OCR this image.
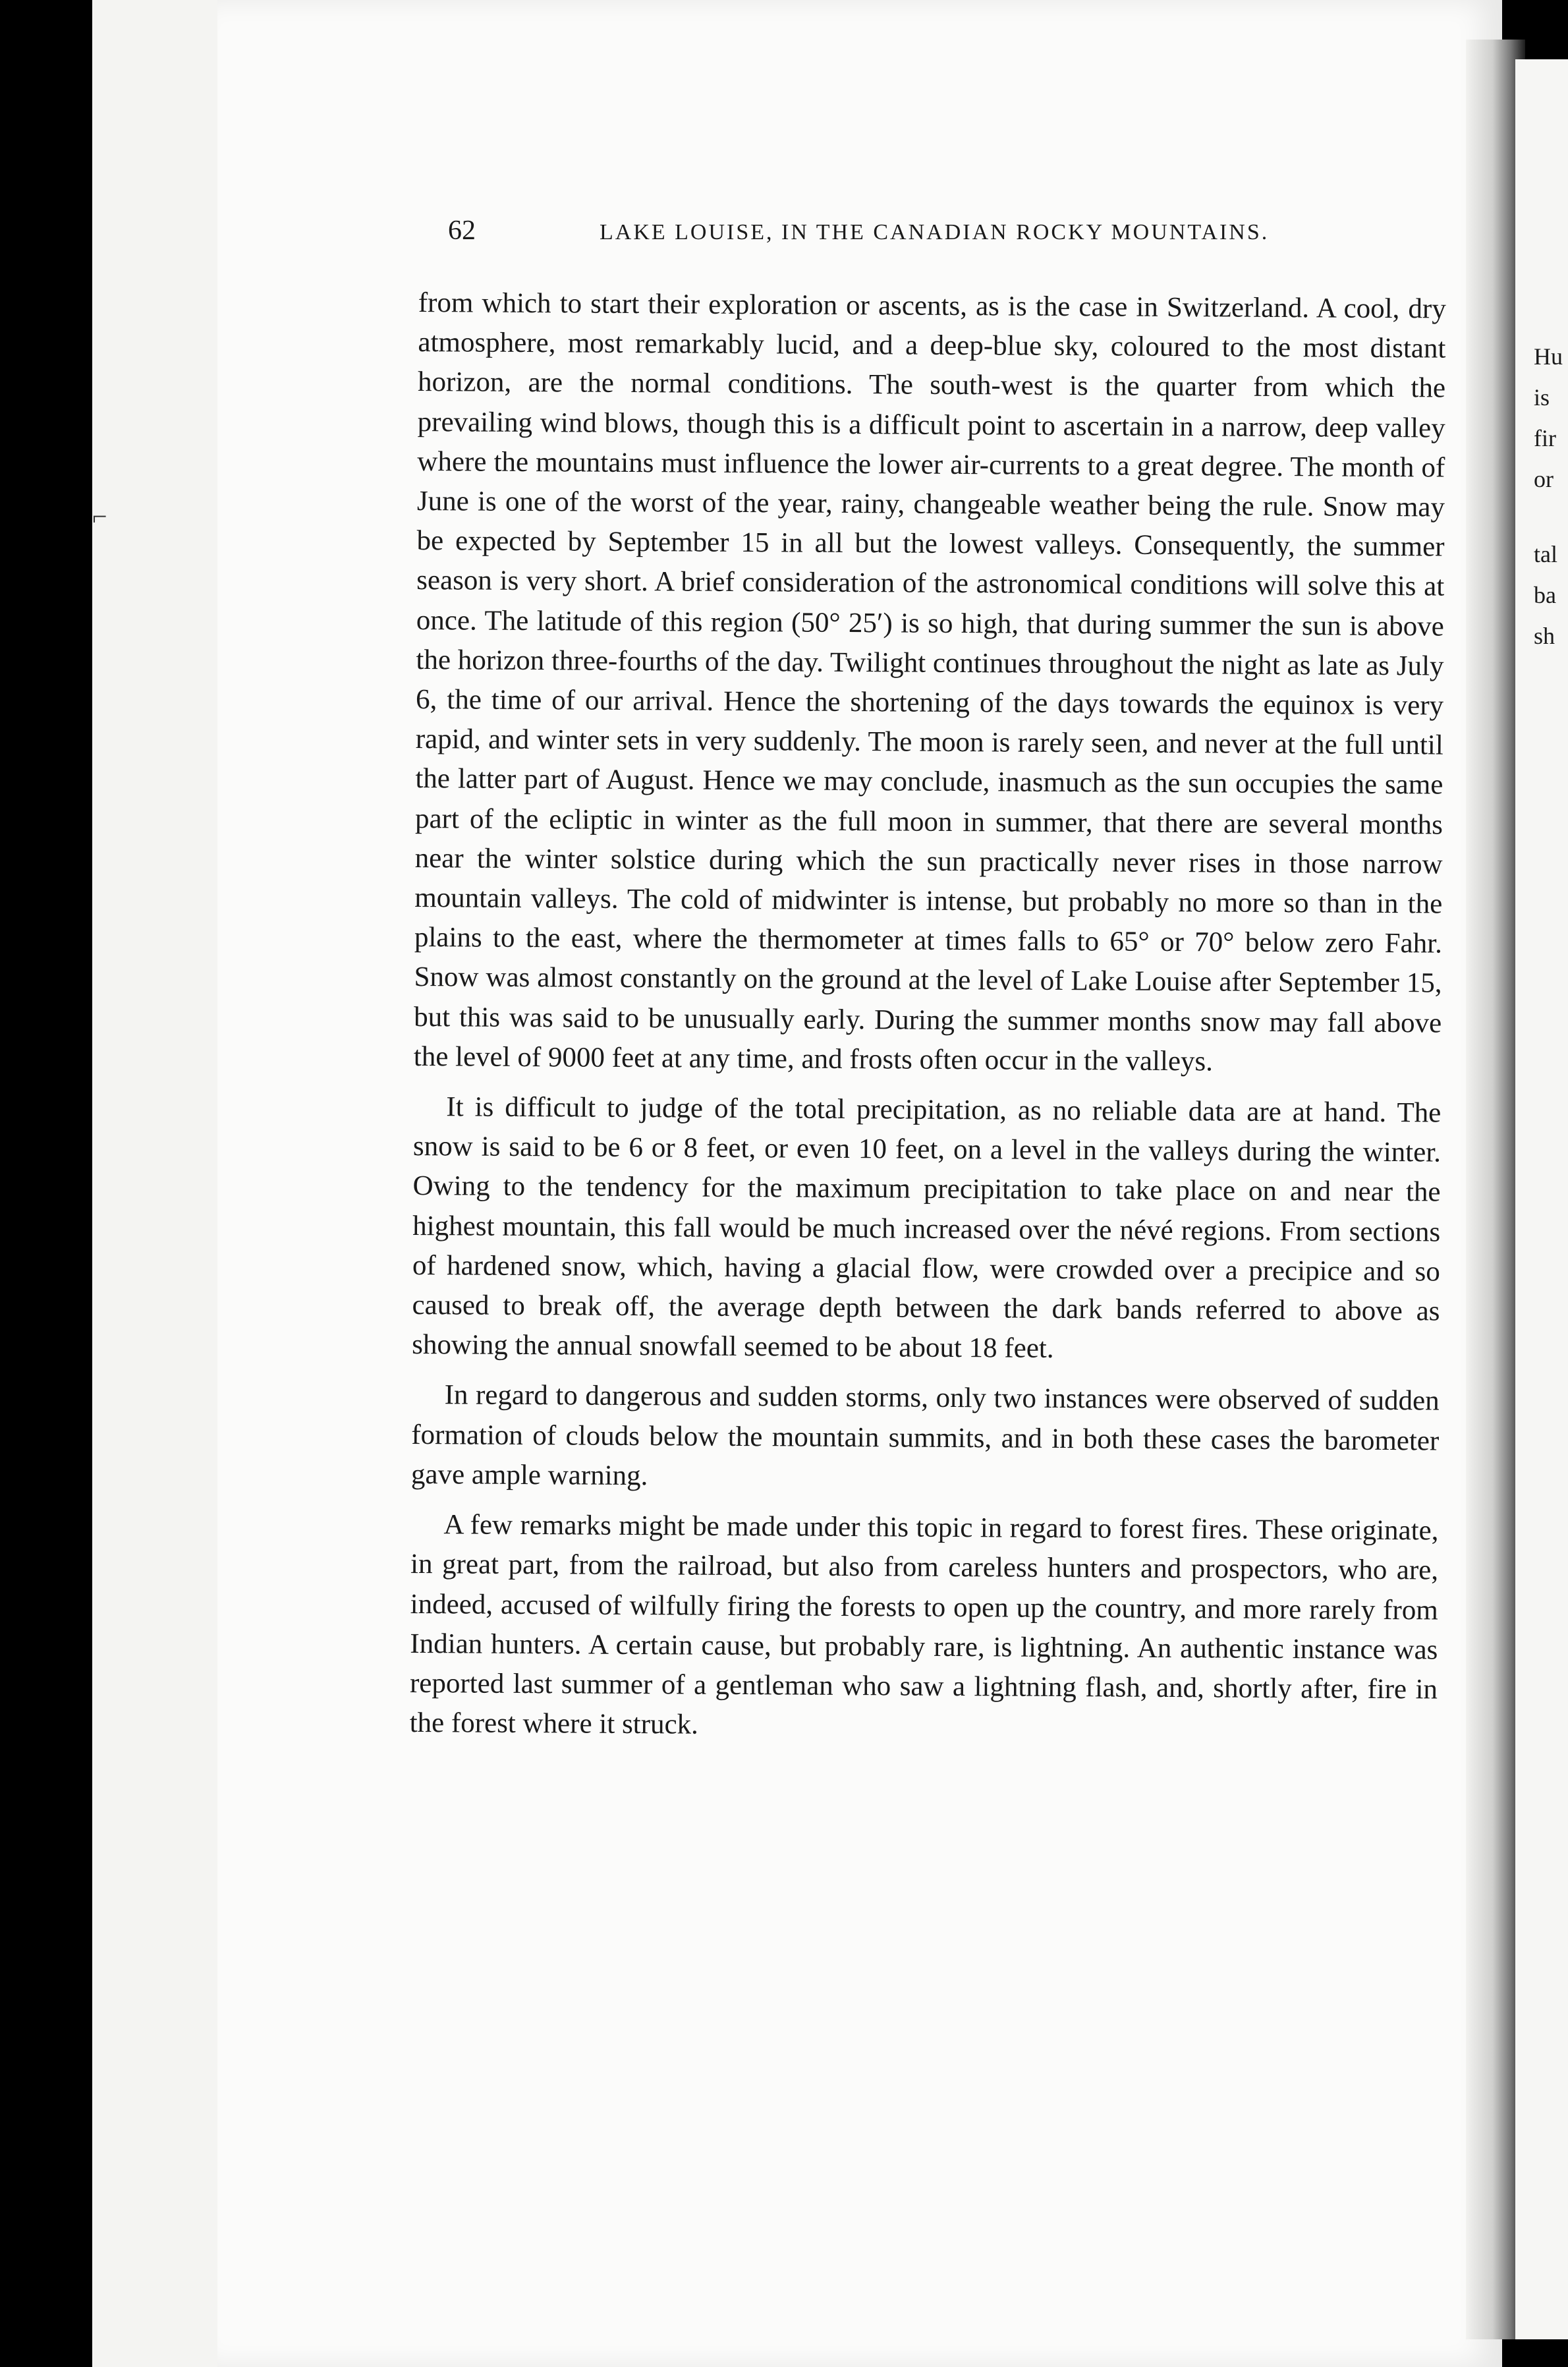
Hu
is
fir
or
tal
ba
sh
⌐
62	LAKE LOUISE, IN THE CANADIAN ROCKY MOUNTAINS.

from which to start their exploration or ascents, as is the case in Switzerland. A cool, dry atmosphere, most remarkably lucid, and a deep-blue sky, coloured to the most distant horizon, are the normal conditions. The south-west is the quarter from which the prevailing wind blows, though this is a difficult point to ascertain in a narrow, deep valley where the mountains must influence the lower air-currents to a great degree. The month of June is one of the worst of the year, rainy, changeable weather being the rule. Snow may be expected by September 15 in all but the lowest valleys. Consequently, the summer season is very short. A brief consideration of the astronomical conditions will solve this at once. The latitude of this region (50° 25′) is so high, that during summer the sun is above the horizon three-fourths of the day. Twilight continues throughout the night as late as July 6, the time of our arrival. Hence the shortening of the days towards the equinox is very rapid, and winter sets in very suddenly. The moon is rarely seen, and never at the full until the latter part of August. Hence we may conclude, inasmuch as the sun occupies the same part of the ecliptic in winter as the full moon in summer, that there are several months near the winter solstice during which the sun practically never rises in those narrow mountain valleys. The cold of midwinter is intense, but probably no more so than in the plains to the east, where the thermometer at times falls to 65° or 70° below zero Fahr. Snow was almost constantly on the ground at the level of Lake Louise after September 15, but this was said to be unusually early. During the summer months snow may fall above the level of 9000 feet at any time, and frosts often occur in the valleys.

It is difficult to judge of the total precipitation, as no reliable data are at hand. The snow is said to be 6 or 8 feet, or even 10 feet, on a level in the valleys during the winter. Owing to the tendency for the maximum precipitation to take place on and near the highest mountain, this fall would be much increased over the névé regions. From sections of hardened snow, which, having a glacial flow, were crowded over a precipice and so caused to break off, the average depth between the dark bands referred to above as showing the annual snowfall seemed to be about 18 feet.

In regard to dangerous and sudden storms, only two instances were observed of sudden formation of clouds below the mountain summits, and in both these cases the barometer gave ample warning.

A few remarks might be made under this topic in regard to forest fires. These originate, in great part, from the railroad, but also from careless hunters and prospectors, who are, indeed, accused of wilfully firing the forests to open up the country, and more rarely from Indian hunters. A certain cause, but probably rare, is lightning. An authentic instance was reported last summer of a gentleman who saw a lightning flash, and, shortly after, fire in the forest where it struck.
